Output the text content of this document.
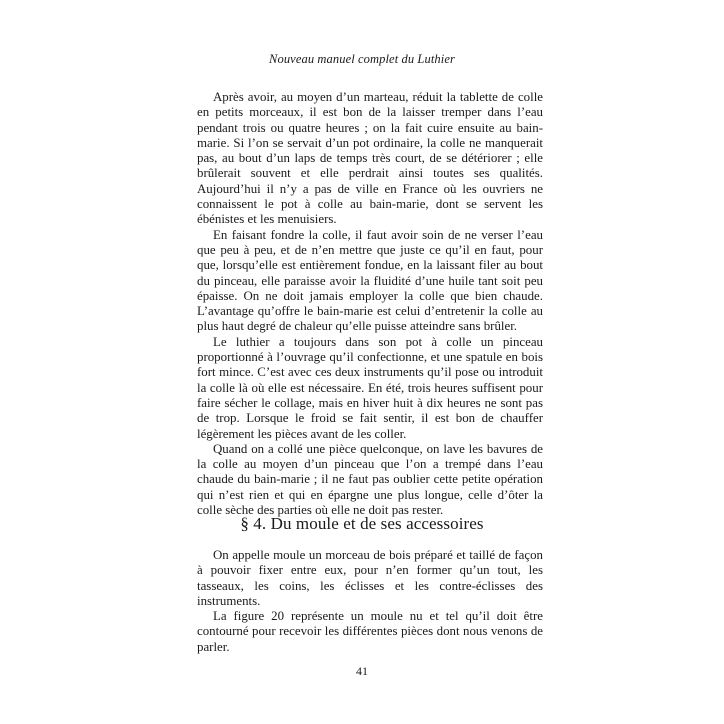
Nouveau manuel complet du Luthier

Après avoir, au moyen d’un marteau, réduit la tablette de colle en petits morceaux, il est bon de la laisser tremper dans l’eau pendant trois ou quatre heures ; on la fait cuire ensuite au bain-marie. Si l’on se servait d’un pot ordinaire, la colle ne manquerait pas, au bout d’un laps de temps très court, de se détériorer ; elle brûlerait souvent et elle perdrait ainsi toutes ses qualités. Aujourd’hui il n’y a pas de ville en France où les ouvriers ne connaissent le pot à colle au bain-marie, dont se servent les ébénistes et les menuisiers.

En faisant fondre la colle, il faut avoir soin de ne verser l’eau que peu à peu, et de n’en mettre que juste ce qu’il en faut, pour que, lorsqu’elle est entièrement fondue, en la laissant filer au bout du pinceau, elle paraisse avoir la fluidité d’une huile tant soit peu épaisse. On ne doit jamais employer la colle que bien chaude. L’avantage qu’offre le bain-marie est celui d’entretenir la colle au plus haut degré de chaleur qu’elle puisse atteindre sans brûler.

Le luthier a toujours dans son pot à colle un pinceau proportionné à l’ouvrage qu’il confectionne, et une spatule en bois fort mince. C’est avec ces deux instruments qu’il pose ou introduit la colle là où elle est nécessaire. En été, trois heures suffisent pour faire sécher le collage, mais en hiver huit à dix heures ne sont pas de trop. Lorsque le froid se fait sentir, il est bon de chauffer légèrement les pièces avant de les coller.

Quand on a collé une pièce quelconque, on lave les bavures de la colle au moyen d’un pinceau que l’on a trempé dans l’eau chaude du bain-marie ; il ne faut pas oublier cette petite opération qui n’est rien et qui en épargne une plus longue, celle d’ôter la colle sèche des parties où elle ne doit pas rester.

§ 4. Du moule et de ses accessoires

On appelle moule un morceau de bois préparé et taillé de façon à pouvoir fixer entre eux, pour n’en former qu’un tout, les tasseaux, les coins, les éclisses et les contre-éclisses des instruments.

La figure 20 représente un moule nu et tel qu’il doit être contourné pour recevoir les différentes pièces dont nous venons de parler.

41
